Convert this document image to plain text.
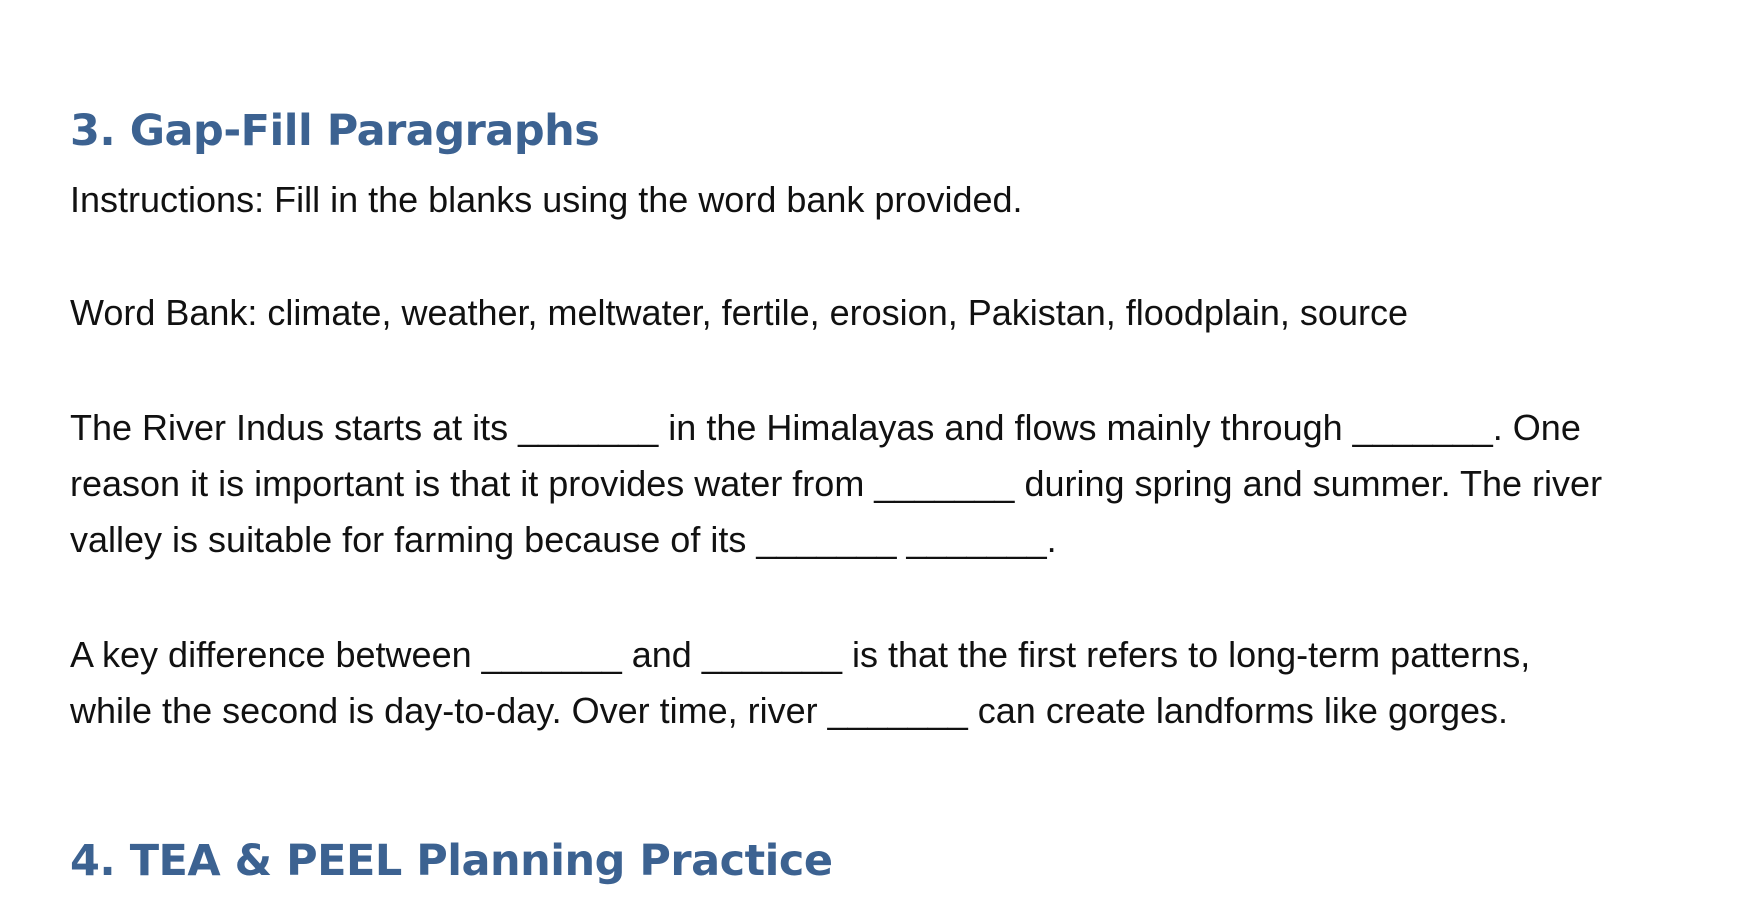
3. Gap-Fill Paragraphs

Instructions: Fill in the blanks using the word bank provided.

Word Bank: climate, weather, meltwater, fertile, erosion, Pakistan, floodplain, source

The River Indus starts at its _______ in the Himalayas and flows mainly through _______. One
reason it is important is that it provides water from _______ during spring and summer. The river
valley is suitable for farming because of its _______ _______.

A key difference between _______ and _______ is that the first refers to long-term patterns,
while the second is day-to-day. Over time, river _______ can create landforms like gorges.

4. TEA & PEEL Planning Practice
